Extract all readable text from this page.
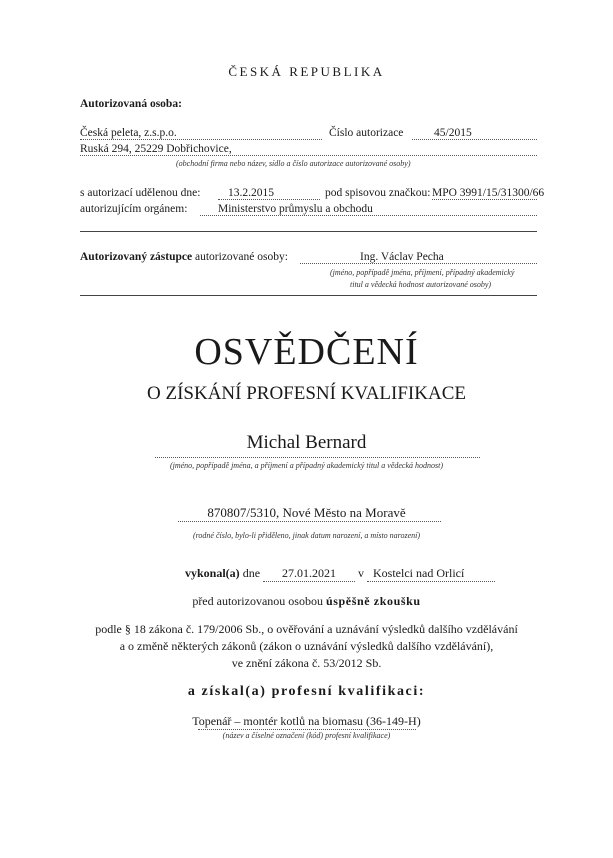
ČESKÁ REPUBLIKA
Autorizovaná osoba:
Česká peleta, z.s.p.o.	Číslo autorizace	45/2015
Ruská 294, 25229 Dobřichovice,
(obchodní firma nebo název, sídlo a číslo autorizace autorizované osoby)
s autorizací udělenou dne:	13.2.2015	pod spisovou značkou: MPO 3991/15/31300/66
autorizujícím orgánem:	Ministerstvo průmyslu a obchodu
Autorizovaný zástupce autorizované osoby:	Ing. Václav Pecha
(jméno, popřípadě jména, příjmení, případný akademický
titul a vědecká hodnost autorizované osoby)
OSVĚDČENÍ
O ZÍSKÁNÍ PROFESNÍ KVALIFIKACE
Michal Bernard
(jméno, popřípadě jména, a příjmení a případný akademický titul a vědecká hodnost)
870807/5310, Nové Město na Moravě
(rodné číslo, bylo-li přiděleno, jinak datum narození, a místo narození)
vykonal(a) dne 27.01.2021 v Kostelci nad Orlicí
před autorizovanou osobou úspěšně zkoušku
podle § 18 zákona č. 179/2006 Sb., o ověřování a uznávání výsledků dalšího vzdělávání
a o změně některých zákonů (zákon o uznávání výsledků dalšího vzdělávání),
ve znění zákona č. 53/2012 Sb.
a získal(a) profesní kvalifikaci:
Topenář – montér kotlů na biomasu (36-149-H)
(název a číselné označení (kód) profesní kvalifikace)
